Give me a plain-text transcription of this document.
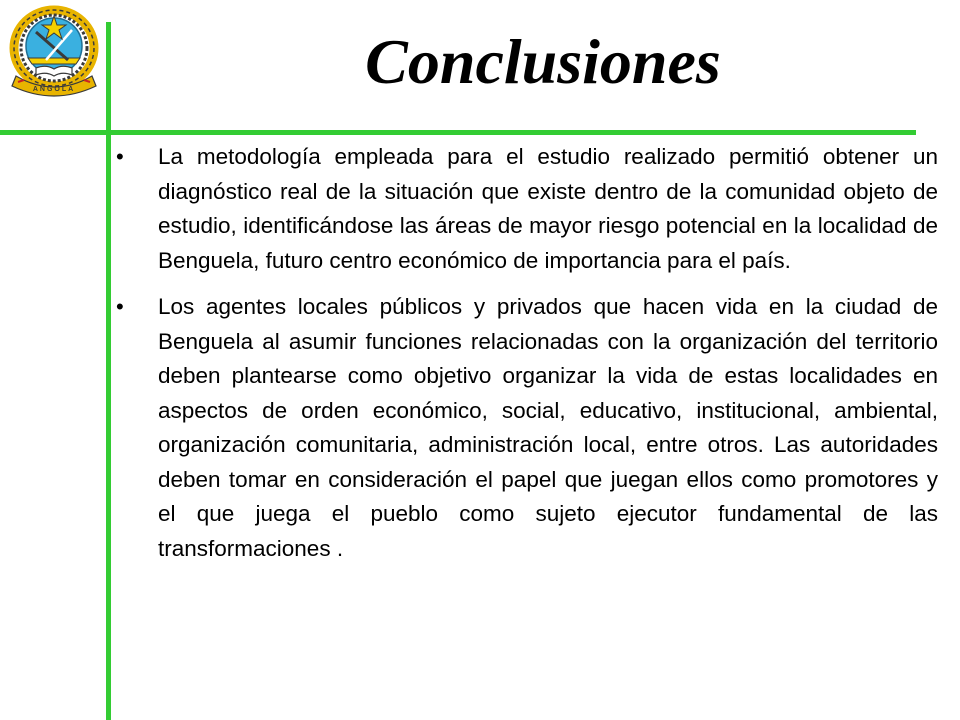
ANGOLA	Conclusiones
• La metodología empleada para el estudio realizado permitió obtener un diagnóstico real de la situación que existe dentro de la comunidad objeto de estudio, identificándose las áreas de mayor riesgo potencial en la localidad de Benguela, futuro centro económico de importancia para el país.
• Los agentes locales públicos y privados que hacen vida en la ciudad de Benguela al asumir funciones relacionadas con la organización del territorio deben plantearse como objetivo organizar la vida de estas localidades en aspectos de orden económico, social, educativo, institucional, ambiental, organización comunitaria, administración local, entre otros. Las autoridades deben tomar en consideración el papel que juegan ellos como promotores y el que juega el pueblo como sujeto ejecutor fundamental de las transformaciones .
